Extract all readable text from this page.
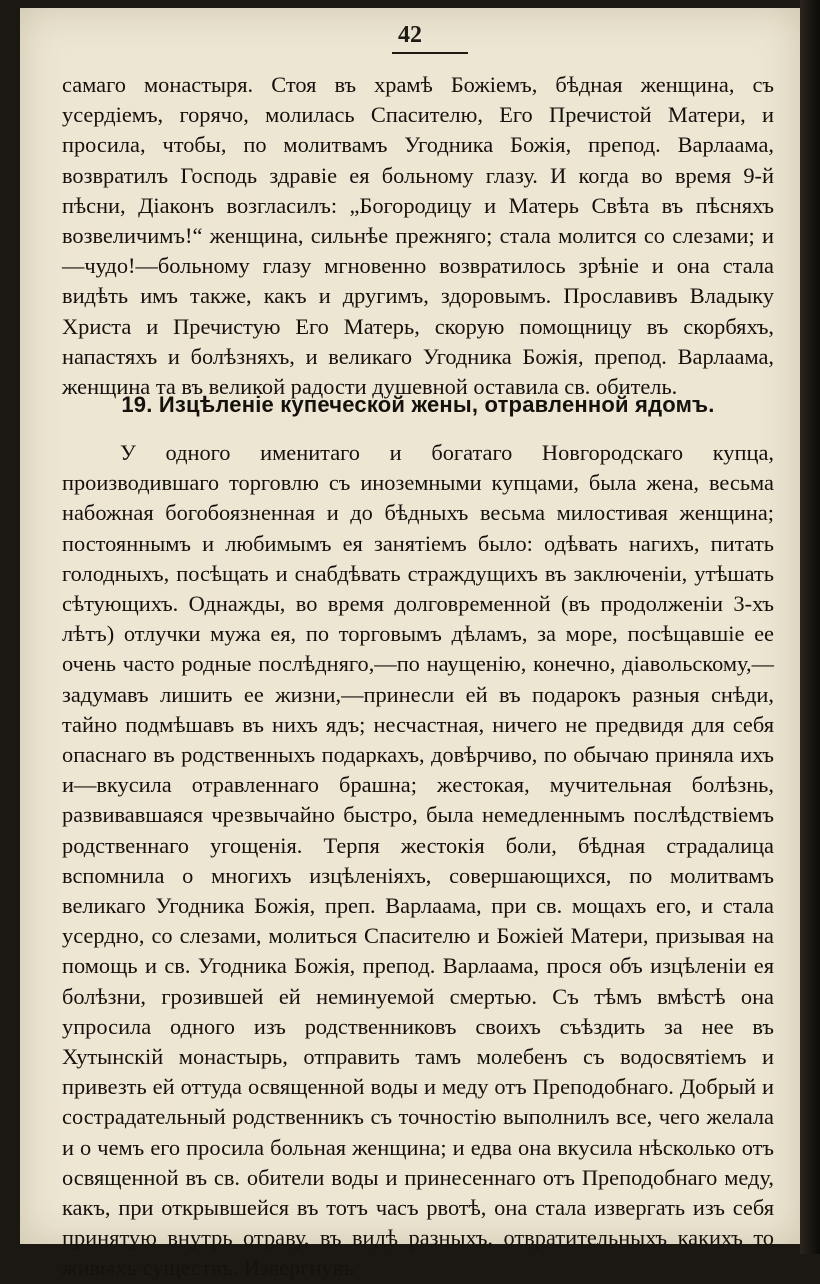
42
самаго монастыря. Стоя въ храмѣ Божіемъ, бѣдная женщина, съ усердіемъ, горячо, молилась Спасителю, Его Пречистой Матери, и просила, чтобы, по молитвамъ Угодника Божія, препод. Варлаама, возвратилъ Господь здравіе ея больному глазу. И когда во время 9-й пѣсни, Діаконъ возгласилъ: „Богородицу и Матерь Свѣта въ пѣсняхъ возвеличимъ!“ женщина, сильнѣе прежняго; стала молится со слезами; и—чудо!—больному глазу мгновенно возвратилось зрѣніе и она стала видѣть имъ также, какъ и другимъ, здоровымъ. Прославивъ Владыку Христа и Пречистую Его Матерь, скорую помощницу въ скорбяхъ, напастяхъ и болѣзняхъ, и великаго Угодника Божія, препод. Варлаама, женщина та въ великой радости душевной оставила св. обитель.
19. Изцѣленіе купеческой жены, отравленной ядомъ.
У одного именитаго и богатаго Новгородскаго купца, производившаго торговлю съ иноземными купцами, была жена, весьма набожная богобоязненная и до бѣдныхъ весьма милостивая женщина; постояннымъ и любимымъ ея занятіемъ было: одѣвать нагихъ, питать голодныхъ, посѣщать и снабдѣвать страждущихъ въ заключеніи, утѣшать сѣтующихъ. Однажды, во время долговременной (въ продолженіи 3-хъ лѣтъ) отлучки мужа ея, по торговымъ дѣламъ, за море, посѣщавшіе ее очень часто родные послѣдняго,—по наущенію, конечно, діавольскому,—задумавъ лишить ее жизни,—принесли ей въ подарокъ разныя снѣди, тайно подмѣшавъ въ нихъ ядъ; несчастная, ничего не предвидя для себя опаснаго въ родственныхъ подаркахъ, довѣрчиво, по обычаю приняла ихъ и—вкусила отравленнаго брашна; жестокая, мучительная болѣзнь, развивавшаяся чрезвычайно быстро, была немедленнымъ послѣдствіемъ родственнаго угощенія. Терпя жестокія боли, бѣдная страдалица вспомнила о многихъ изцѣленіяхъ, совершающихся, по молитвамъ великаго Угодника Божія, преп. Варлаама, при св. мощахъ его, и стала усердно, со слезами, молиться Спасителю и Божіей Матери, призывая на помощь и св. Угодника Божія, препод. Варлаама, прося объ изцѣленіи ея болѣзни, грозившей ей неминуемой смертью. Съ тѣмъ вмѣстѣ она упросила одного изъ родственниковъ своихъ съѣздить за нее въ Хутынскій монастырь, отправить тамъ молебенъ съ водосвятіемъ и привезть ей оттуда освященной воды и меду отъ Преподобнаго. Добрый и сострадательный родственникъ съ точностію выполнилъ все, чего желала и о чемъ его просила больная женщина; и едва она вкусила нѣсколько отъ освященной въ св. обители воды и принесеннаго отъ Преподобнаго меду, какъ, при открывшейся въ тотъ часъ рвотѣ, она стала извергать изъ себя принятую внутрь отраву, въ видѣ разныхъ, отвратительныхъ какихъ то живыхъ существъ. Извергнувъ
